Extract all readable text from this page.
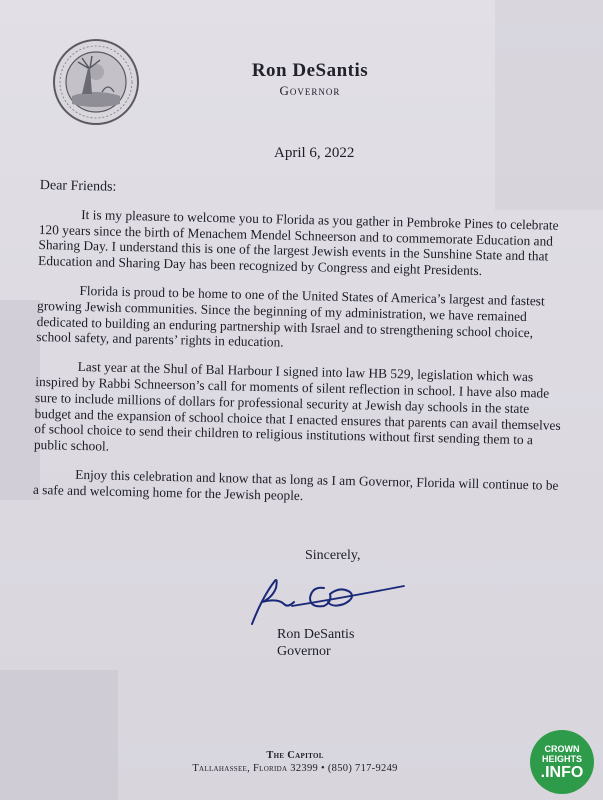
Ron DeSantis
Governor
April 6, 2022

Dear Friends:

It is my pleasure to welcome you to Florida as you gather in Pembroke Pines to celebrate 120 years since the birth of Menachem Mendel Schneerson and to commemorate Education and Sharing Day. I understand this is one of the largest Jewish events in the Sunshine State and that Education and Sharing Day has been recognized by Congress and eight Presidents.

Florida is proud to be home to one of the United States of America’s largest and fastest growing Jewish communities. Since the beginning of my administration, we have remained dedicated to building an enduring partnership with Israel and to strengthening school choice, school safety, and parents’ rights in education.

Last year at the Shul of Bal Harbour I signed into law HB 529, legislation which was inspired by Rabbi Schneerson’s call for moments of silent reflection in school. I have also made sure to include millions of dollars for professional security at Jewish day schools in the state budget and the expansion of school choice that I enacted ensures that parents can avail themselves of school choice to send their children to religious institutions without first sending them to a public school.

Enjoy this celebration and know that as long as I am Governor, Florida will continue to be a safe and welcoming home for the Jewish people.

Sincerely,
Ron DeSantis
Governor
The Capitol
Tallahassee, Florida 32399 • (850) 717-9249
CROWN
HEIGHTS
.INFO
